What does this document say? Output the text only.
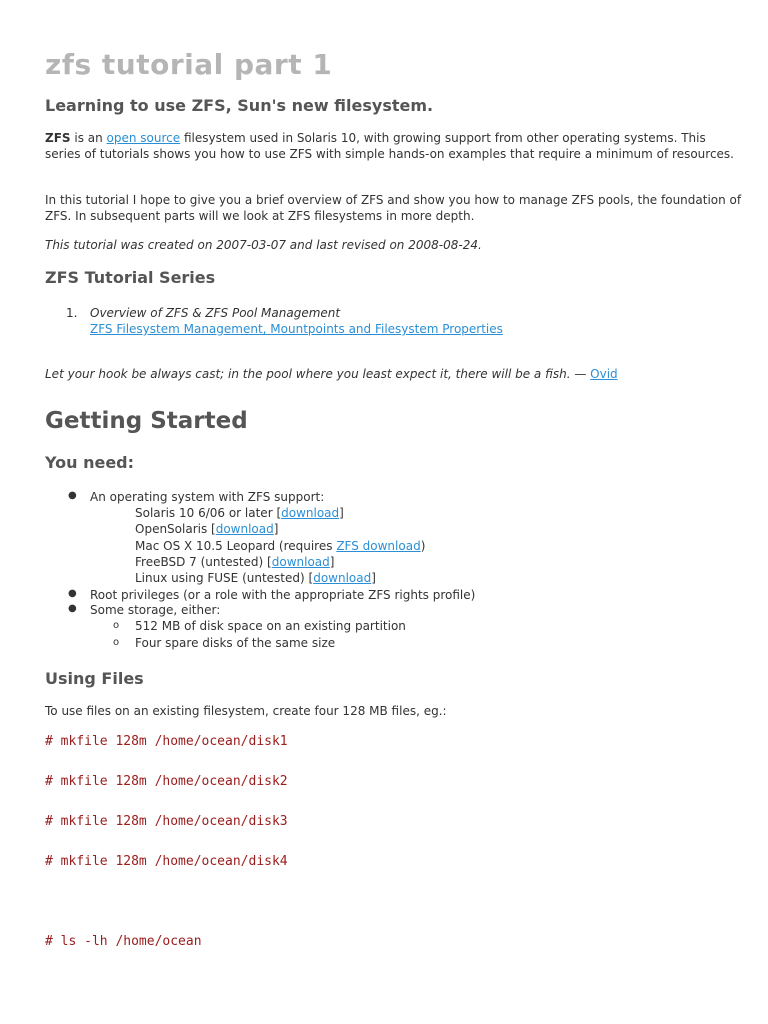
zfs tutorial part 1
Learning to use ZFS, Sun's new filesystem.

ZFS is an open source filesystem used in Solaris 10, with growing support from other operating systems. This series of tutorials shows you how to use ZFS with simple hands-on examples that require a minimum of resources.

In this tutorial I hope to give you a brief overview of ZFS and show you how to manage ZFS pools, the foundation of ZFS. In subsequent parts will we look at ZFS filesystems in more depth.

This tutorial was created on 2007-03-07 and last revised on 2008-08-24.

ZFS Tutorial Series
1. Overview of ZFS & ZFS Pool Management
ZFS Filesystem Management, Mountpoints and Filesystem Properties

Let your hook be always cast; in the pool where you least expect it, there will be a fish. — Ovid

Getting Started
You need:
● An operating system with ZFS support:
Solaris 10 6/06 or later [download]
OpenSolaris [download]
Mac OS X 10.5 Leopard (requires ZFS download)
FreeBSD 7 (untested) [download]
Linux using FUSE (untested) [download]
● Root privileges (or a role with the appropriate ZFS rights profile)
● Some storage, either:
o 512 MB of disk space on an existing partition
o Four spare disks of the same size
Using Files

To use files on an existing filesystem, create four 128 MB files, eg.:

# mkfile 128m /home/ocean/disk1
# mkfile 128m /home/ocean/disk2
# mkfile 128m /home/ocean/disk3
# mkfile 128m /home/ocean/disk4
# ls -lh /home/ocean
